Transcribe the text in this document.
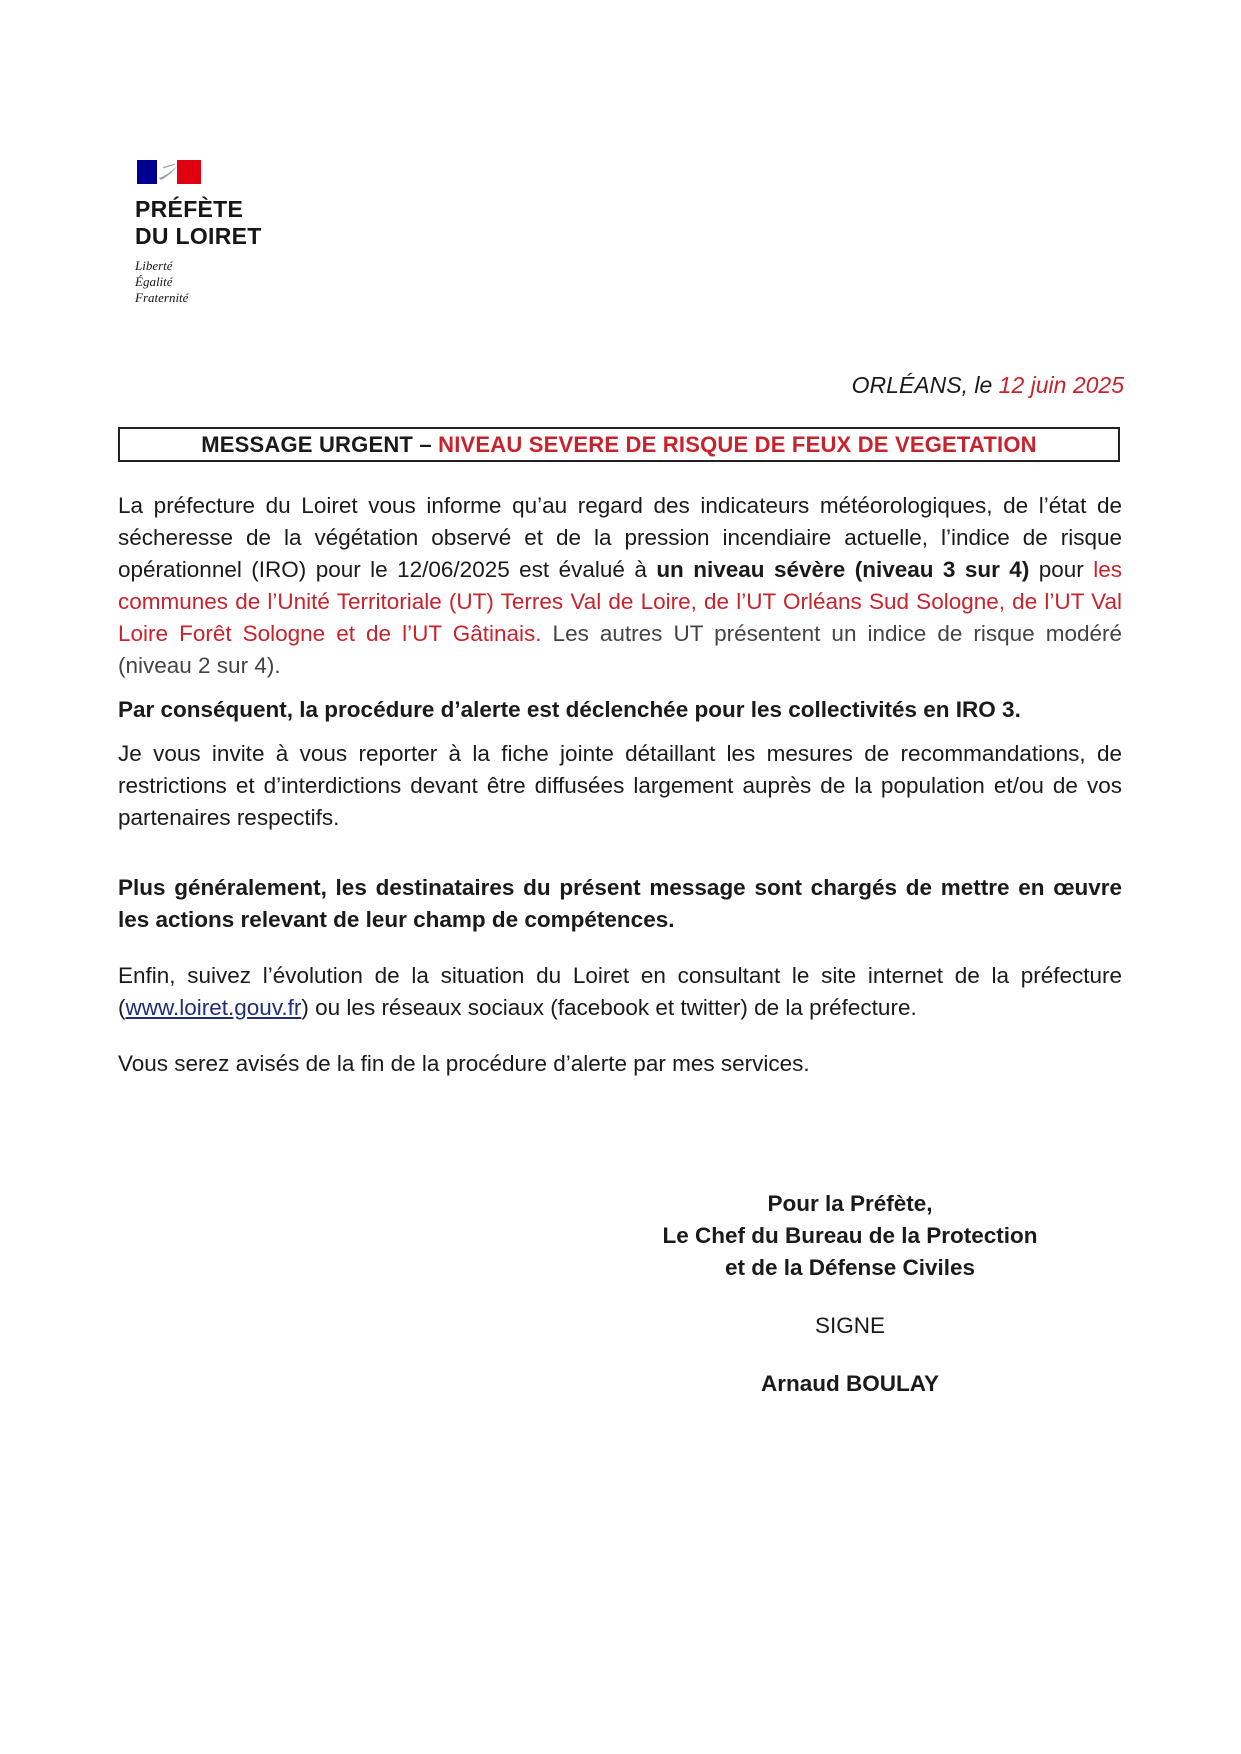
PRÉFÈTE
DU LOIRET
Liberté
Égalité
Fraternité
ORLÉANS, le 12 juin 2025
MESSAGE URGENT – NIVEAU SEVERE DE RISQUE DE FEUX DE VEGETATION

La préfecture du Loiret vous informe qu’au regard des indicateurs météorologiques, de l’état de sécheresse de la végétation observé et de la pression incendiaire actuelle, l’indice de risque opérationnel (IRO) pour le 12/06/2025 est évalué à un niveau sévère (niveau 3 sur 4) pour les communes de l’Unité Territoriale (UT) Terres Val de Loire, de l’UT Orléans Sud Sologne, de l’UT Val Loire Forêt Sologne et de l’UT Gâtinais. Les autres UT présentent un indice de risque modéré (niveau 2 sur 4).

Par conséquent, la procédure d’alerte est déclenchée pour les collectivités en IRO 3.

Je vous invite à vous reporter à la fiche jointe détaillant les mesures de recommandations, de restrictions et d’interdictions devant être diffusées largement auprès de la population et/ou de vos partenaires respectifs.

Plus généralement, les destinataires du présent message sont chargés de mettre en œuvre les actions relevant de leur champ de compétences.

Enfin, suivez l’évolution de la situation du Loiret en consultant le site internet de la préfecture (www.loiret.gouv.fr) ou les réseaux sociaux (facebook et twitter) de la préfecture.

Vous serez avisés de la fin de la procédure d’alerte par mes services.

Pour la Préfète,
Le Chef du Bureau de la Protection
et de la Défense Civiles
SIGNE
Arnaud BOULAY
